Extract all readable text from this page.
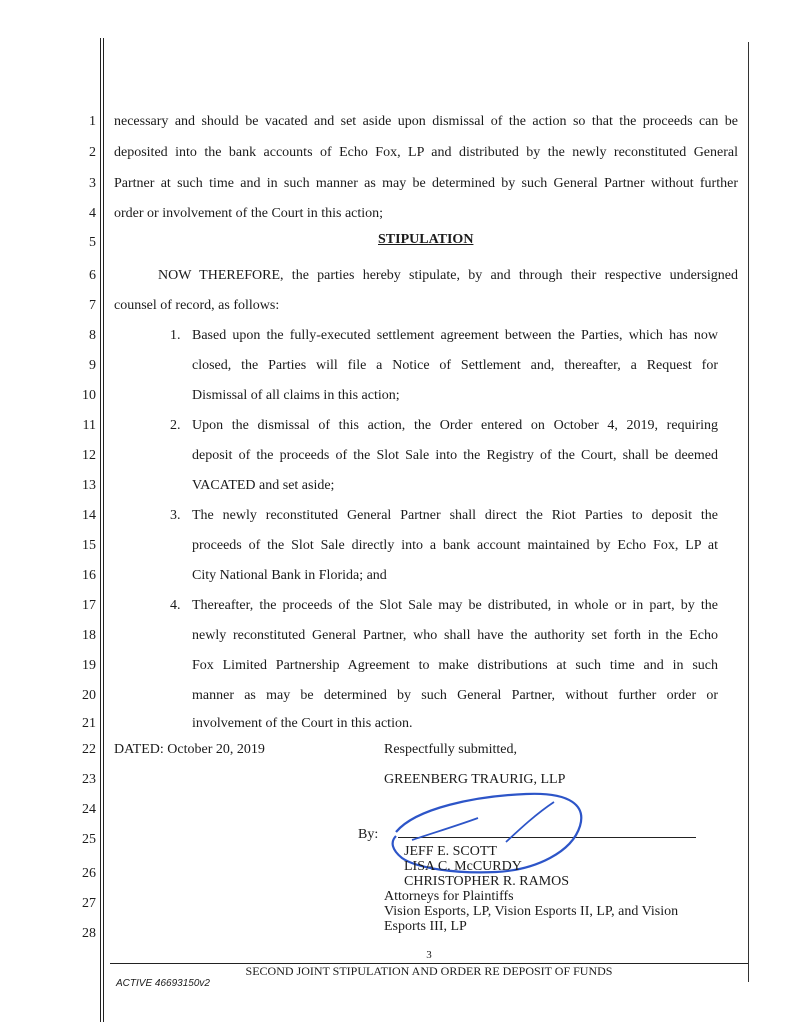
1
2
3
4
5
6
7
8
9
10
11
12
13
14
15
16
17
18
19
20
21
22
23
24
25
26
27
28
necessary and should be vacated and set aside upon dismissal of the action so that the proceeds can be
deposited into the bank accounts of Echo Fox, LP and distributed by the newly reconstituted General
Partner at such time and in such manner as may be determined by such General Partner without further
order or involvement of the Court in this action;
STIPULATION
NOW THEREFORE, the parties hereby stipulate, by and through their respective undersigned
counsel of record, as follows:
1. Based upon the fully-executed settlement agreement between the Parties, which has now
closed, the Parties will file a Notice of Settlement and, thereafter, a Request for
Dismissal of all claims in this action;
2. Upon the dismissal of this action, the Order entered on October 4, 2019, requiring
deposit of the proceeds of the Slot Sale into the Registry of the Court, shall be deemed
VACATED and set aside;
3. The newly reconstituted General Partner shall direct the Riot Parties to deposit the
proceeds of the Slot Sale directly into a bank account maintained by Echo Fox, LP at
City National Bank in Florida; and
4. Thereafter, the proceeds of the Slot Sale may be distributed, in whole or in part, by the
newly reconstituted General Partner, who shall have the authority set forth in the Echo
Fox Limited Partnership Agreement to make distributions at such time and in such
manner as may be determined by such General Partner, without further order or
involvement of the Court in this action.
DATED: October 20, 2019	Respectfully submitted,
GREENBERG TRAURIG, LLP
By:
JEFF E. SCOTT
LISA C. McCURDY
CHRISTOPHER R. RAMOS
Attorneys for Plaintiffs
Vision Esports, LP, Vision Esports II, LP, and Vision
Esports III, LP
3
SECOND JOINT STIPULATION AND ORDER RE DEPOSIT OF FUNDS
ACTIVE 46693150v2
